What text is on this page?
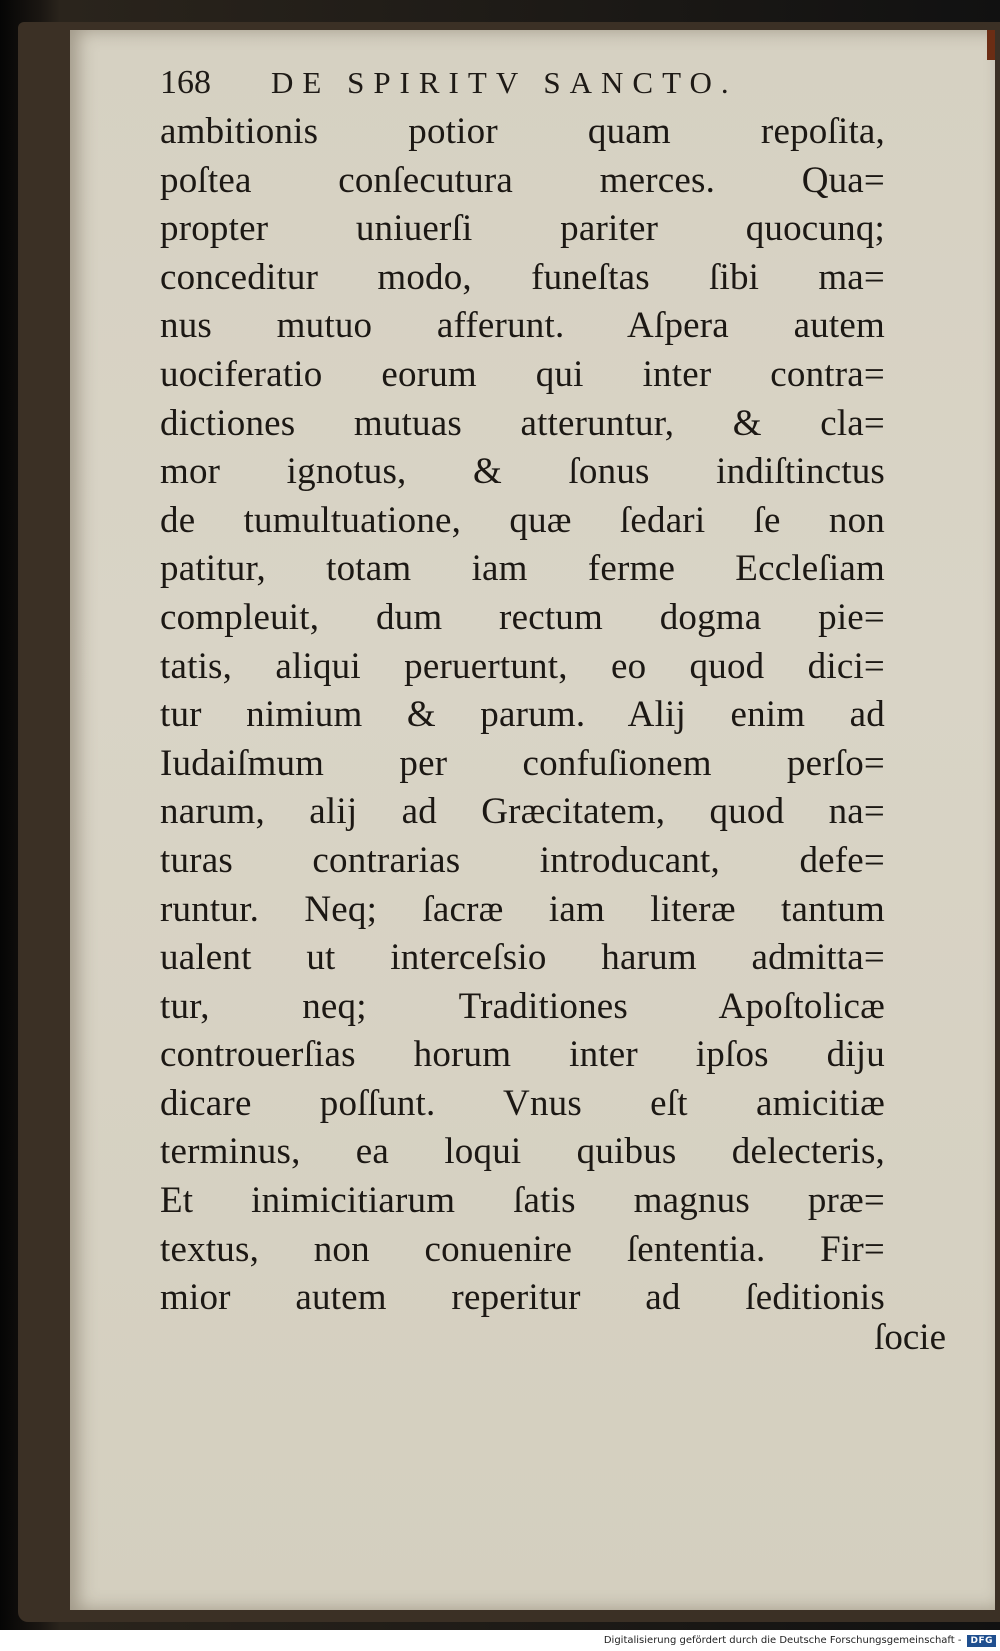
168 DE SPIRITV SANCTO.
ambitionis potior quam repoſita,
poſtea conſecutura merces. Qua=
propter uniuerſi pariter quocunq;
conceditur modo, funeſtas ſibi ma=
nus mutuo afferunt. Aſpera autem
uociferatio eorum qui inter contra=
dictiones mutuas atteruntur, & cla=
mor ignotus, & ſonus indiſtinctus
de tumultuatione, quæ ſedari ſe non
patitur, totam iam ferme Eccleſiam
compleuit, dum rectum dogma pie=
tatis, aliqui peruertunt, eo quod dici=
tur nimium & parum. Alij enim ad
Iudaiſmum per confuſionem perſo=
narum, alij ad Græcitatem, quod na=
turas contrarias introducant, defe=
runtur. Neq; ſacræ iam literæ tantum
ualent ut interceſsio harum admitta=
tur, neq; Traditiones Apoſtolicæ
controuerſias horum inter ipſos diju
dicare poſſunt. Vnus eſt amicitiæ
terminus, ea loqui quibus delecteris,
Et inimicitiarum ſatis magnus præ=
textus, non conuenire ſententia. Fir=
mior autem reperitur ad ſeditionis
ſocie
Digitalisierung gefördert durch die Deutsche Forschungsgemeinschaft -	DFG
